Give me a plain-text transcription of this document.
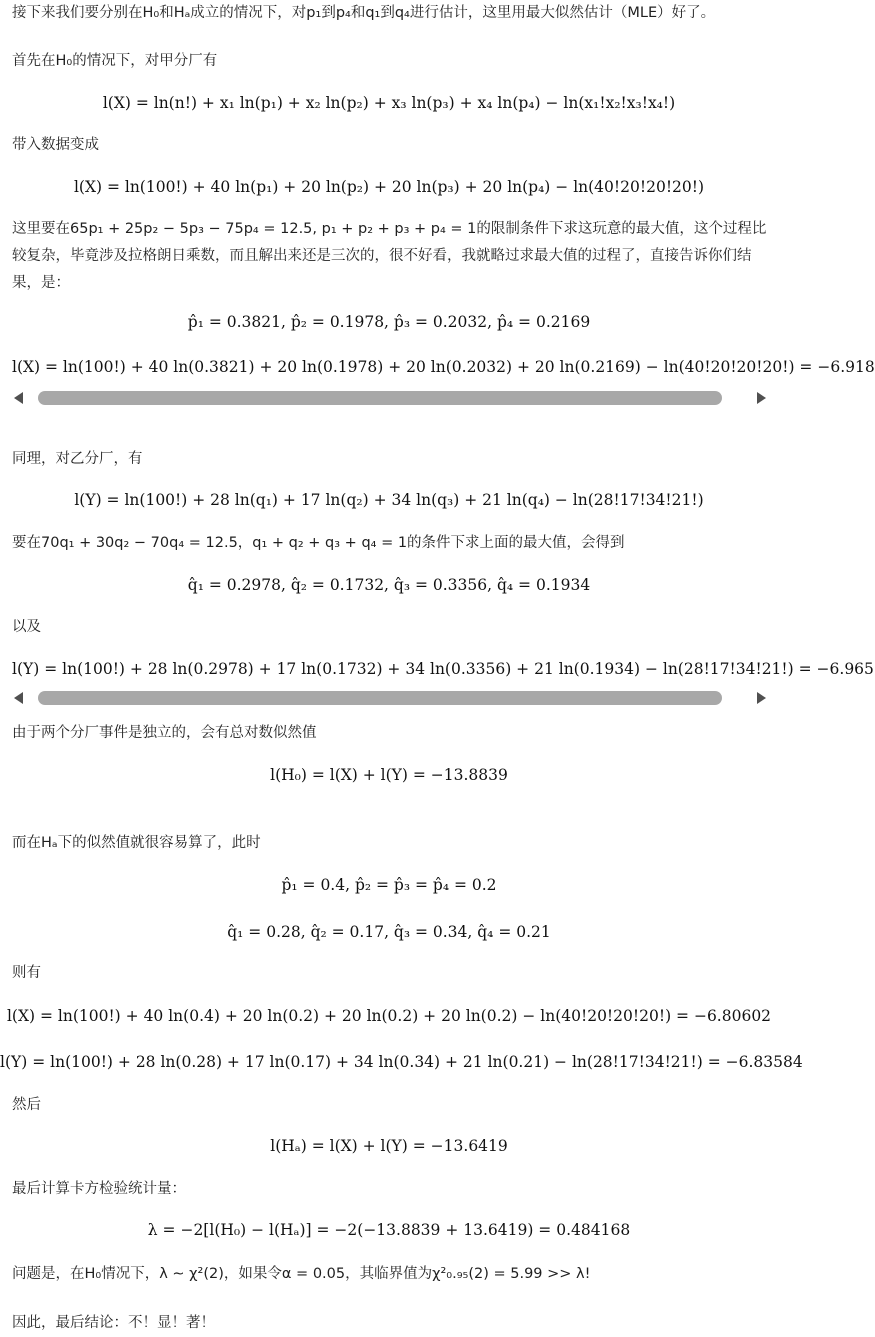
接下来我们要分别在H₀和Hₐ成立的情况下，对p₁到p₄和q₁到q₄进行估计，这里用最大似然估计（MLE）好了。
首先在H₀的情况下，对甲分厂有
l(X) = ln(n!) + x₁ ln(p₁) + x₂ ln(p₂) + x₃ ln(p₃) + x₄ ln(p₄) − ln(x₁!x₂!x₃!x₄!)
带入数据变成
l(X) = ln(100!) + 40 ln(p₁) + 20 ln(p₂) + 20 ln(p₃) + 20 ln(p₄) − ln(40!20!20!20!)
这里要在65p₁ + 25p₂ − 5p₃ − 75p₄ = 12.5, p₁ + p₂ + p₃ + p₄ = 1的限制条件下求这玩意的最大值，这个过程比较复杂，毕竟涉及拉格朗日乘数，而且解出来还是三次的，很不好看，我就略过求最大值的过程了，直接告诉你们结果，是：
p̂₁ = 0.3821, p̂₂ = 0.1978, p̂₃ = 0.2032, p̂₄ = 0.2169
l(X) = ln(100!) + 40 ln(0.3821) + 20 ln(0.1978) + 20 ln(0.2032) + 20 ln(0.2169) − ln(40!20!20!20!) = −6.918
同理，对乙分厂，有
l(Y) = ln(100!) + 28 ln(q₁) + 17 ln(q₂) + 34 ln(q₃) + 21 ln(q₄) − ln(28!17!34!21!)
要在70q₁ + 30q₂ − 70q₄ = 12.5，q₁ + q₂ + q₃ + q₄ = 1的条件下求上面的最大值，会得到
q̂₁ = 0.2978, q̂₂ = 0.1732, q̂₃ = 0.3356, q̂₄ = 0.1934
以及
l(Y) = ln(100!) + 28 ln(0.2978) + 17 ln(0.1732) + 34 ln(0.3356) + 21 ln(0.1934) − ln(28!17!34!21!) = −6.965
由于两个分厂事件是独立的，会有总对数似然值
l(H₀) = l(X) + l(Y) = −13.8839
而在Hₐ下的似然值就很容易算了，此时
p̂₁ = 0.4, p̂₂ = p̂₃ = p̂₄ = 0.2
q̂₁ = 0.28, q̂₂ = 0.17, q̂₃ = 0.34, q̂₄ = 0.21
则有
l(X) = ln(100!) + 40 ln(0.4) + 20 ln(0.2) + 20 ln(0.2) + 20 ln(0.2) − ln(40!20!20!20!) = −6.80602
l(Y) = ln(100!) + 28 ln(0.28) + 17 ln(0.17) + 34 ln(0.34) + 21 ln(0.21) − ln(28!17!34!21!) = −6.83584
然后
l(Hₐ) = l(X) + l(Y) = −13.6419
最后计算卡方检验统计量：
λ = −2[l(H₀) − l(Hₐ)] = −2(−13.8839 + 13.6419) = 0.484168
问题是，在H₀情况下，λ ∼ χ²(2)，如果令α = 0.05，其临界值为χ²₀.₉₅(2) = 5.99 >> λ!
因此，最后结论：不！显！著！
